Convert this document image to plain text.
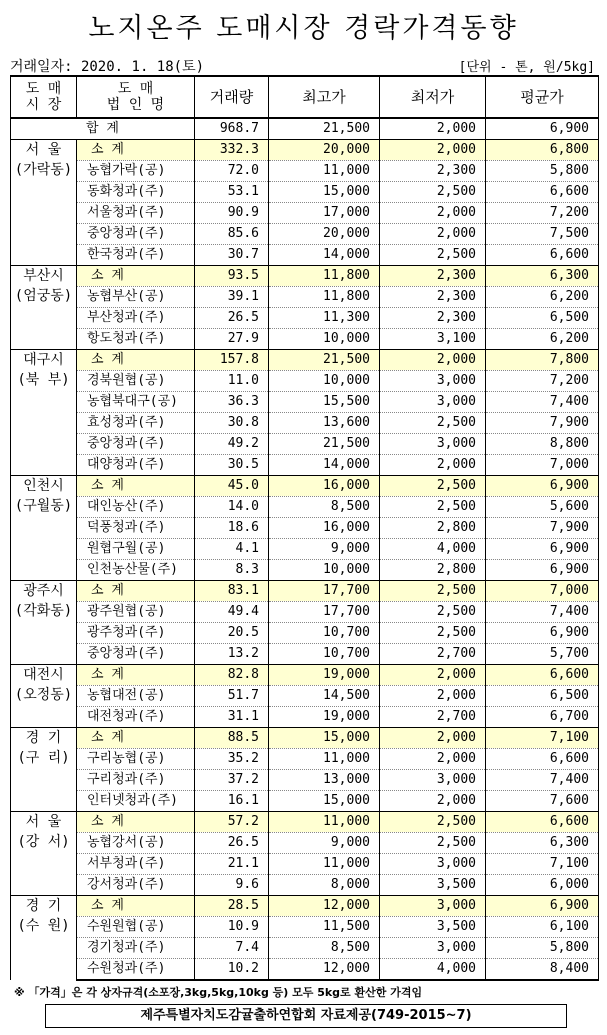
노지온주 도매시장 경락가격동향
거래일자: 2020. 1. 18(토)	[단위 - 톤, 원/5kg]
도 매
시 장	도 매
법 인 명	거래량	최고가	최저가	평균가
합 계		968.7	21,500	2,000	6,900

서 울
(가락동)	소 계	332.3	20,000	2,000	6,800
	농협가락(공)	72.0	11,000	2,300	5,800
	동화청과(주)	53.1	15,000	2,500	6,600
	서울청과(주)	90.9	17,000	2,000	7,200
	중앙청과(주)	85.6	20,000	2,000	7,500
	한국청과(주)	30.7	14,000	2,500	6,600

부산시
(엄궁동)	소 계	93.5	11,800	2,300	6,300
	농협부산(공)	39.1	11,800	2,300	6,200
	부산청과(주)	26.5	11,300	2,300	6,500
	항도청과(주)	27.9	10,000	3,100	6,200

대구시
(북 부)	소 계	157.8	21,500	2,000	7,800
	경북원협(공)	11.0	10,000	3,000	7,200
	농협북대구(공)	36.3	15,500	3,000	7,400
	효성청과(주)	30.8	13,600	2,500	7,900
	중앙청과(주)	49.2	21,500	3,000	8,800
	대양청과(주)	30.5	14,000	2,000	7,000

인천시
(구월동)	소 계	45.0	16,000	2,500	6,900
	대인농산(주)	14.0	8,500	2,500	5,600
	덕풍청과(주)	18.6	16,000	2,800	7,900
	원협구월(공)	4.1	9,000	4,000	6,900
	인천농산물(주)	8.3	10,000	2,800	6,900

광주시
(각화동)	소 계	83.1	17,700	2,500	7,000
	광주원협(공)	49.4	17,700	2,500	7,400
	광주청과(주)	20.5	10,700	2,500	6,900
	중앙청과(주)	13.2	10,700	2,700	5,700

대전시
(오정동)	소 계	82.8	19,000	2,000	6,600
	농협대전(공)	51.7	14,500	2,000	6,500
	대전청과(주)	31.1	19,000	2,700	6,700

경 기
(구 리)	소 계	88.5	15,000	2,000	7,100
	구리농협(공)	35.2	11,000	2,000	6,600
	구리청과(주)	37.2	13,000	3,000	7,400
	인터넷청과(주)	16.1	15,000	2,000	7,600

서 울
(강 서)	소 계	57.2	11,000	2,500	6,600
	농협강서(공)	26.5	9,000	2,500	6,300
	서부청과(주)	21.1	11,000	3,000	7,100
	강서청과(주)	9.6	8,000	3,500	6,000

경 기
(수 원)	소 계	28.5	12,000	3,000	6,900
	수원원협(공)	10.9	11,500	3,500	6,100
	경기청과(주)	7.4	8,500	3,000	5,800
	수원청과(주)	10.2	12,000	4,000	8,400
※ 「가격」은 각 상자규격(소포장,3kg,5kg,10kg 등) 모두 5kg로 환산한 가격임
제주특별자치도감귤출하연합회 자료제공(749-2015~7)
